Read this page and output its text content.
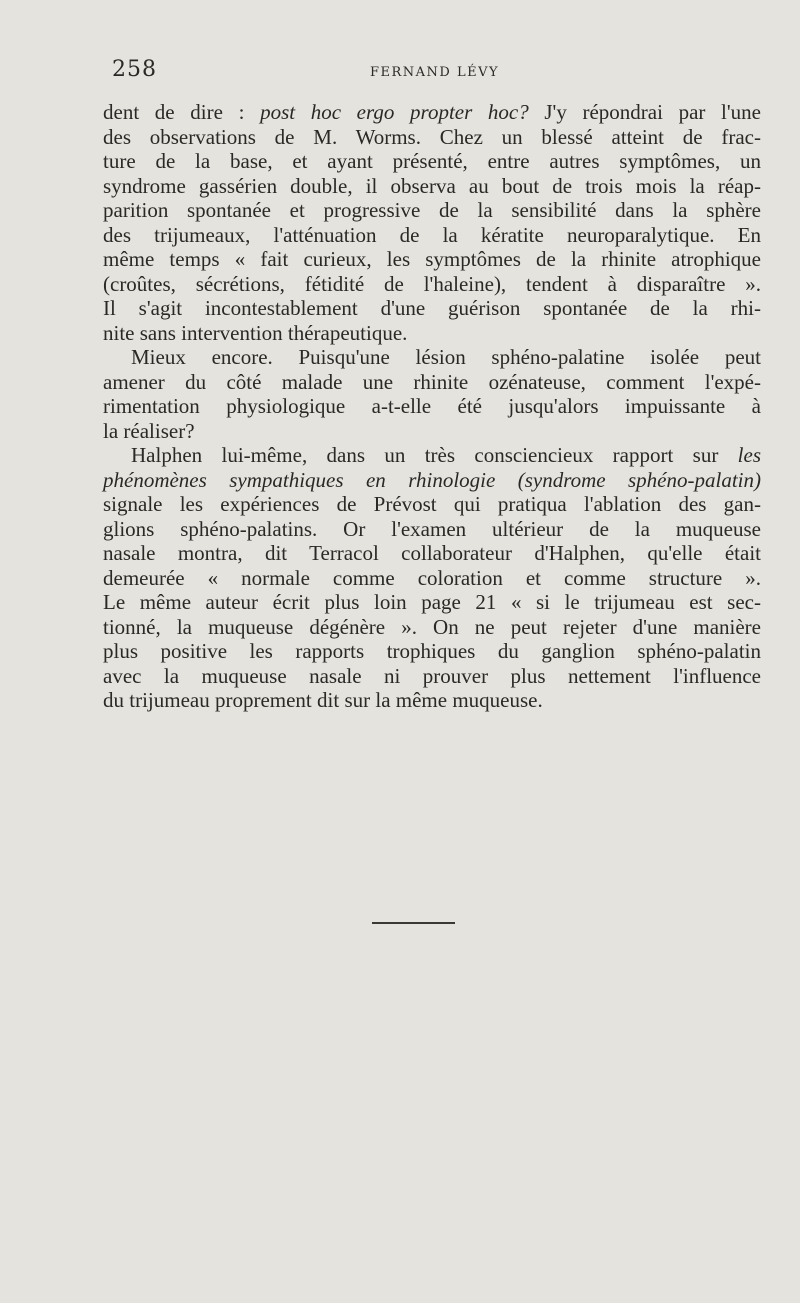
258	FERNAND LÉVY
dent de dire : post hoc ergo propter hoc? J'y répondrai par l'une
des observations de M. Worms. Chez un blessé atteint de frac-
ture de la base, et ayant présenté, entre autres symptômes, un
syndrome gassérien double, il observa au bout de trois mois la réap-
parition spontanée et progressive de la sensibilité dans la sphère
des trijumeaux, l'atténuation de la kératite neuroparalytique. En
même temps « fait curieux, les symptômes de la rhinite atrophique
(croûtes, sécrétions, fétidité de l'haleine), tendent à disparaître ».
Il s'agit incontestablement d'une guérison spontanée de la rhi-
nite sans intervention thérapeutique.
Mieux encore. Puisqu'une lésion sphéno-palatine isolée peut
amener du côté malade une rhinite ozénateuse, comment l'expé-
rimentation physiologique a-t-elle été jusqu'alors impuissante à
la réaliser?
Halphen lui-même, dans un très consciencieux rapport sur les
phénomènes sympathiques en rhinologie (syndrome sphéno-palatin)
signale les expériences de Prévost qui pratiqua l'ablation des gan-
glions sphéno-palatins. Or l'examen ultérieur de la muqueuse
nasale montra, dit Terracol collaborateur d'Halphen, qu'elle était
demeurée « normale comme coloration et comme structure ».
Le même auteur écrit plus loin page 21 « si le trijumeau est sec-
tionné, la muqueuse dégénère ». On ne peut rejeter d'une manière
plus positive les rapports trophiques du ganglion sphéno-palatin
avec la muqueuse nasale ni prouver plus nettement l'influence
du trijumeau proprement dit sur la même muqueuse.
